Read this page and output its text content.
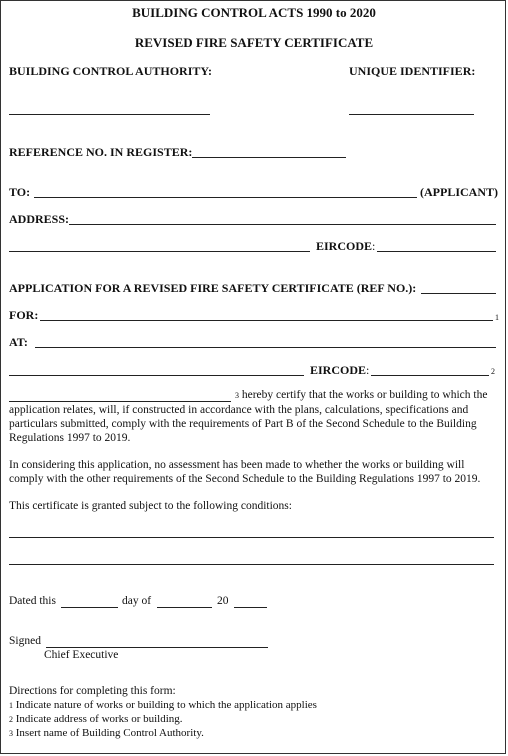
BUILDING CONTROL ACTS 1990 to 2020
REVISED FIRE SAFETY CERTIFICATE
BUILDING CONTROL AUTHORITY:	UNIQUE IDENTIFIER:
REFERENCE NO. IN REGISTER:
TO:	(APPLICANT)
ADDRESS:
EIRCODE:
APPLICATION FOR A REVISED FIRE SAFETY CERTIFICATE (REF NO.):
FOR:	1
AT:
EIRCODE:	2
3 hereby certify that the works or building to which the
application relates, will, if constructed in accordance with the plans, calculations, specifications and particulars submitted, comply with the requirements of Part B of the Second Schedule to the Building Regulations 1997 to 2019.
In considering this application, no assessment has been made to whether the works or building will comply with the other requirements of the Second Schedule to the Building Regulations 1997 to 2019.
This certificate is granted subject to the following conditions:
Dated this	day of	20
Signed
Chief Executive
Directions for completing this form:
1 Indicate nature of works or building to which the application applies
2 Indicate address of works or building.
3 Insert name of Building Control Authority.
